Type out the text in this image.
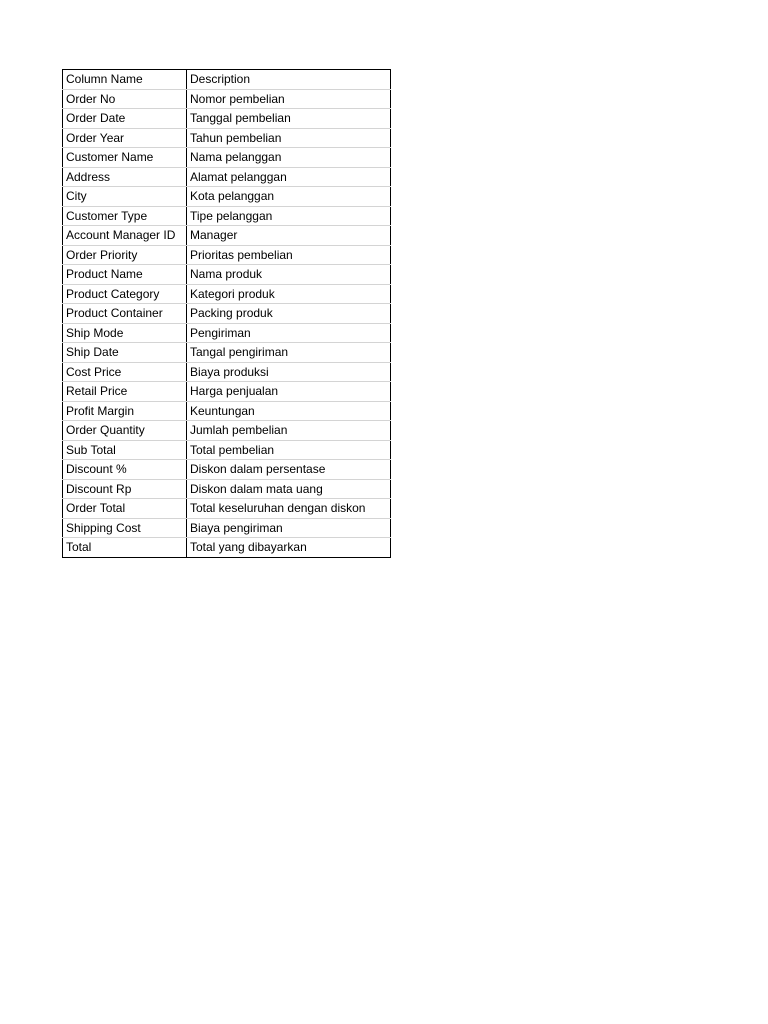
Column Name	Description
Order No	Nomor pembelian
Order Date	Tanggal pembelian
Order Year	Tahun pembelian
Customer Name	Nama pelanggan
Address	Alamat pelanggan
City	Kota pelanggan
Customer Type	Tipe pelanggan
Account Manager ID	Manager
Order Priority	Prioritas pembelian
Product Name	Nama produk
Product Category	Kategori produk
Product Container	Packing produk
Ship Mode	Pengiriman
Ship Date	Tangal pengiriman
Cost Price	Biaya produksi
Retail Price	Harga penjualan
Profit Margin	Keuntungan
Order Quantity	Jumlah pembelian
Sub Total	Total pembelian
Discount %	Diskon dalam persentase
Discount Rp	Diskon dalam mata uang
Order Total	Total keseluruhan dengan diskon
Shipping Cost	Biaya pengiriman
Total	Total yang dibayarkan
